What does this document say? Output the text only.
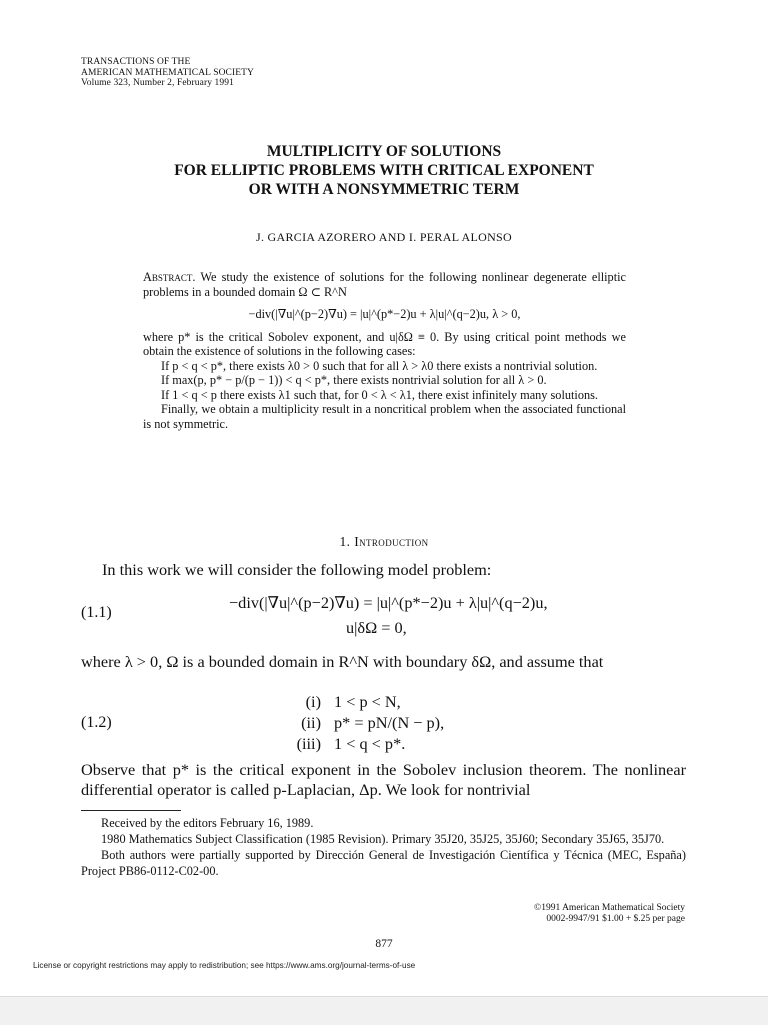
TRANSACTIONS OF THE
AMERICAN MATHEMATICAL SOCIETY
Volume 323, Number 2, February 1991
MULTIPLICITY OF SOLUTIONS
FOR ELLIPTIC PROBLEMS WITH CRITICAL EXPONENT
OR WITH A NONSYMMETRIC TERM
J. GARCIA AZORERO AND I. PERAL ALONSO

Abstract. We study the existence of solutions for the following nonlinear degenerate elliptic problems in a bounded domain Ω ⊂ R^N

−div(|∇u|^(p−2)∇u) = |u|^(p*−2)u + λ|u|^(q−2)u, λ > 0,

where p* is the critical Sobolev exponent, and u|δΩ ≡ 0. By using critical point methods we obtain the existence of solutions in the following cases:

If p < q < p*, there exists λ0 > 0 such that for all λ > λ0 there exists a nontrivial solution.

If max(p, p* − p/(p − 1)) < q < p*, there exists nontrivial solution for all λ > 0.

If 1 < q < p there exists λ1 such that, for 0 < λ < λ1, there exist infinitely many solutions.

Finally, we obtain a multiplicity result in a noncritical problem when the associated functional is not symmetric.

1. Introduction
In this work we will consider the following model problem:
(1.1)
−div(|∇u|^(p−2)∇u) = |u|^(p*−2)u + λ|u|^(q−2)u,
u|δΩ = 0,
where λ > 0, Ω is a bounded domain in R^N with boundary δΩ, and assume that
(1.2)
(i) 1 < p < N,
(ii) p* = pN/(N − p),
(iii) 1 < q < p*.
Observe that p* is the critical exponent in the Sobolev inclusion theorem. The nonlinear differential operator is called p-Laplacian, Δp. We look for nontrivial

Received by the editors February 16, 1989.

1980 Mathematics Subject Classification (1985 Revision). Primary 35J20, 35J25, 35J60; Secondary 35J65, 35J70.

Both authors were partially supported by Dirección General de Investigación Científica y Técnica (MEC, España) Project PB86-0112-C02-00.

©1991 American Mathematical Society
0002-9947/91 $1.00 + $.25 per page
877
License or copyright restrictions may apply to redistribution; see https://www.ams.org/journal-terms-of-use
